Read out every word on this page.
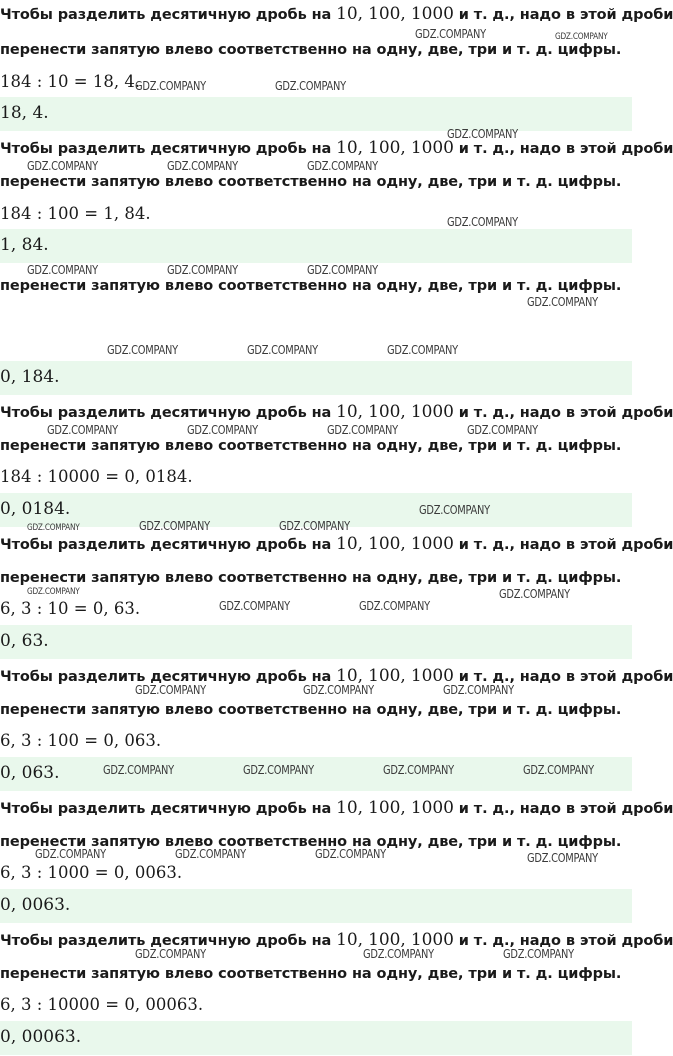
Чтобы разделить десятичную дробь на 10, 100, 1000 и т. д., надо в этой дроби
перенести запятую влево соответственно на одну, две, три и т. д. цифры.
184 : 10 = 18, 4.
18, 4.
Чтобы разделить десятичную дробь на 10, 100, 1000 и т. д., надо в этой дроби
перенести запятую влево соответственно на одну, две, три и т. д. цифры.
184 : 100 = 1, 84.
1, 84.
перенести запятую влево соответственно на одну, две, три и т. д. цифры.
0, 184.
Чтобы разделить десятичную дробь на 10, 100, 1000 и т. д., надо в этой дроби
перенести запятую влево соответственно на одну, две, три и т. д. цифры.
184 : 10000 = 0, 0184.
0, 0184.
Чтобы разделить десятичную дробь на 10, 100, 1000 и т. д., надо в этой дроби
перенести запятую влево соответственно на одну, две, три и т. д. цифры.
6, 3 : 10 = 0, 63.
0, 63.
Чтобы разделить десятичную дробь на 10, 100, 1000 и т. д., надо в этой дроби
перенести запятую влево соответственно на одну, две, три и т. д. цифры.
6, 3 : 100 = 0, 063.
0, 063.
Чтобы разделить десятичную дробь на 10, 100, 1000 и т. д., надо в этой дроби
перенести запятую влево соответственно на одну, две, три и т. д. цифры.
6, 3 : 1000 = 0, 0063.
0, 0063.
Чтобы разделить десятичную дробь на 10, 100, 1000 и т. д., надо в этой дроби
перенести запятую влево соответственно на одну, две, три и т. д. цифры.
6, 3 : 10000 = 0, 00063.
0, 00063.
GDZ.COMPANY	GDZ.COMPANY
GDZ.COMPANY	GDZ.COMPANY
GDZ.COMPANY
GDZ.COMPANY	GDZ.COMPANY	GDZ.COMPANY
GDZ.COMPANY
GDZ.COMPANY	GDZ.COMPANY	GDZ.COMPANY
GDZ.COMPANY
GDZ.COMPANY	GDZ.COMPANY	GDZ.COMPANY
GDZ.COMPANY	GDZ.COMPANY	GDZ.COMPANY	GDZ.COMPANY
GDZ.COMPANY
GDZ.COMPANY	GDZ.COMPANY	GDZ.COMPANY
GDZ.COMPANY	GDZ.COMPANY
GDZ.COMPANY	GDZ.COMPANY
GDZ.COMPANY	GDZ.COMPANY	GDZ.COMPANY
GDZ.COMPANY	GDZ.COMPANY	GDZ.COMPANY	GDZ.COMPANY
GDZ.COMPANY	GDZ.COMPANY	GDZ.COMPANY	GDZ.COMPANY
GDZ.COMPANY	GDZ.COMPANY	GDZ.COMPANY
